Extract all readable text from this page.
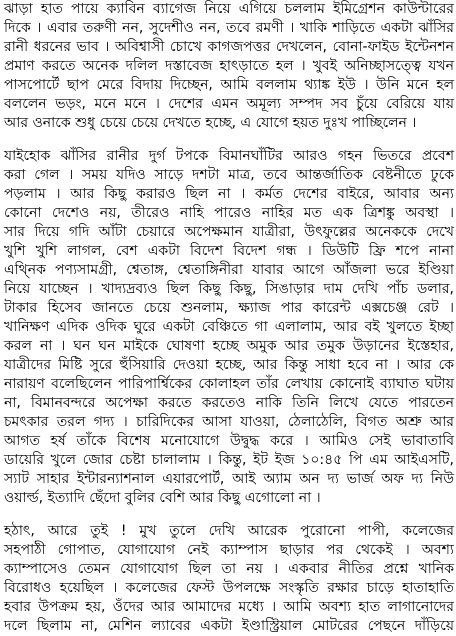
ঝাড়া হাত পায়ে ক্যাবিন ব্যাগেজ নিয়ে এগিয়ে চললাম ইমিগ্রেশন কাউন্টারের
দিকে । এবার তরুণী নন, সুদেশীও নন, তবে রমণী । খাকি শাড়িতে একটা ঝাঁসির
রানী ধরনের ভাব । অবিশ্বাসী চোখে কাগজপত্তর দেখলেন, বোনা-ফাইড ইন্টেনশন
প্রমাণ করতে অনেক দলিল দস্তাবেজ হাৎড়াতে হল । খুবই অনিচ্ছাসত্ত্বে যখন
পাসপোর্টে ছাপ মেরে বিদায় দিচ্ছেন, আমি বললাম থ্যাঙ্ক ইউ । উনি মনে হল
বললেন ভড়ং, মনে মনে । দেশের এমন অমূল্য সম্পদ সব চুঁয়ে বেরিয়ে যায়
আর ওনাকে শুধু চেয়ে চেয়ে দেখতে হচ্ছে, এ যোগে হয়ত দুঃখ পাচ্ছিলেন ।
যাইহোক ঝাঁসির রানীর দুর্গ টপকে বিমানঘাঁটির আরও গহন ভিতরে প্রবেশ
করা গেল । সময় যদিও সাড়ে দশটা মাত্র, তবে আন্তর্জাতিক বেষ্টনীতে ঢুকে
পড়লাম । আর কিছু করারও ছিল না । কর্মত দেশের বাইরে, আবার অন্য
কোনো দেশেও নয়, তীরেও নাহি পারেও নাহির মত এক ত্রিশঙ্কু অবস্থা ।
সার দিয়ে গদি আঁটা চেয়ারে অপেক্ষমান যাত্রীরা, উৎফুল্লের অনেককে দেখে
খুশি খুশি লাগল, বেশ একটা বিদেশ বিদেশ গন্ধ । ডিউটি ফ্রি শপে নানা
এথ্নিক পণ্যসামগ্রী, শ্বেতাঙ্গ, শ্বেতাঙ্গিনীরা যাবার আগে আঁজলা ভরে ইণ্ডিয়া
নিয়ে যাচ্ছেন । খাদ্যদ্রব্যও ছিল কিছু কিছু, সিঙাড়ার দাম দেখি পাঁচ ডলার,
টাকার হিসেব জানতে চেয়ে শুনলাম, ক্ষ্যাজ পার কারেন্ট এক্সচেঞ্জ রেট ।
খানিক্ষণ এদিক ওদিক ঘুরে একটা বেঞ্চিতে গা এলালাম, আর বই খুলতে ইচ্ছা
করল না । ঘন ঘন মাইকে ঘোষণা হচ্ছে অমুক আর তমুক উড়ানের ইস্তেহার,
যাত্রীদের মিষ্টি সুরে হুঁসিয়ারি দেওয়া হচ্ছে, আর কিন্তু সাধা হবে না । আর কে
নারায়ণ বলেছিলেন পারিপার্শ্বিকের কোলাহল তাঁর লেখায় কোনোই ব্যাঘাত ঘটায়
না, বিমানবন্দরে অপেক্ষা করতে করতেও নাকি তিনি লিখে যেতে পারতেন
চমৎকার তরল গদ্য । চারিদিকের আসা যাওয়া, ঠেলাঠেলি, বিগত অশ্রু আর
আগত হর্ষ তাঁকে বিশেষ মনোযোগে উদ্বুদ্ধ করে । আমিও সেই ভাবাতাবি
ডায়েরি খুলে জোর চেষ্টা চালালাম । কিন্তু, ইট ইজ ১০:৪৫ পি এম আইএসটি,
স্যাট সাহার ইন্টারন্যাশনাল এয়ারপোর্ট, আই অ্যাম অন দ্য ভার্জ অফ দ্য নিউ
ওয়ার্ল্ড, ইত্যাদি ছেঁদো বুলির বেশি আর কিছু এগোলো না ।
হঠাৎ, আরে তুই ! মুখ তুলে দেখি আরেক পুরোনো পাপী, কলেজের
সহপাঠী গোপাত, যোগাযোগ নেই ক্যাম্পাস ছাড়ার পর থেকেই । অবশ্য
ক্যাম্পাসেও তেমন যোগাযোগ ছিল তা নয় । একবার নীতির প্রশ্নে খানিক
বিরোধও হয়েছিল । কলেজের ফেস্ট উপলক্ষে সংস্কৃতি রক্ষার চাড়ে হাতাহাতি
হবার উপক্রম হয়, ওঁদের আর আমাদের মধ্যে । আমি অবশ্য হাত লাগানোদের
দলে ছিলাম না, মেশিন ল্যাবের একটা ইণ্ডাস্ট্রিয়াল মোটরের পেছনে দাঁড়িয়ে
